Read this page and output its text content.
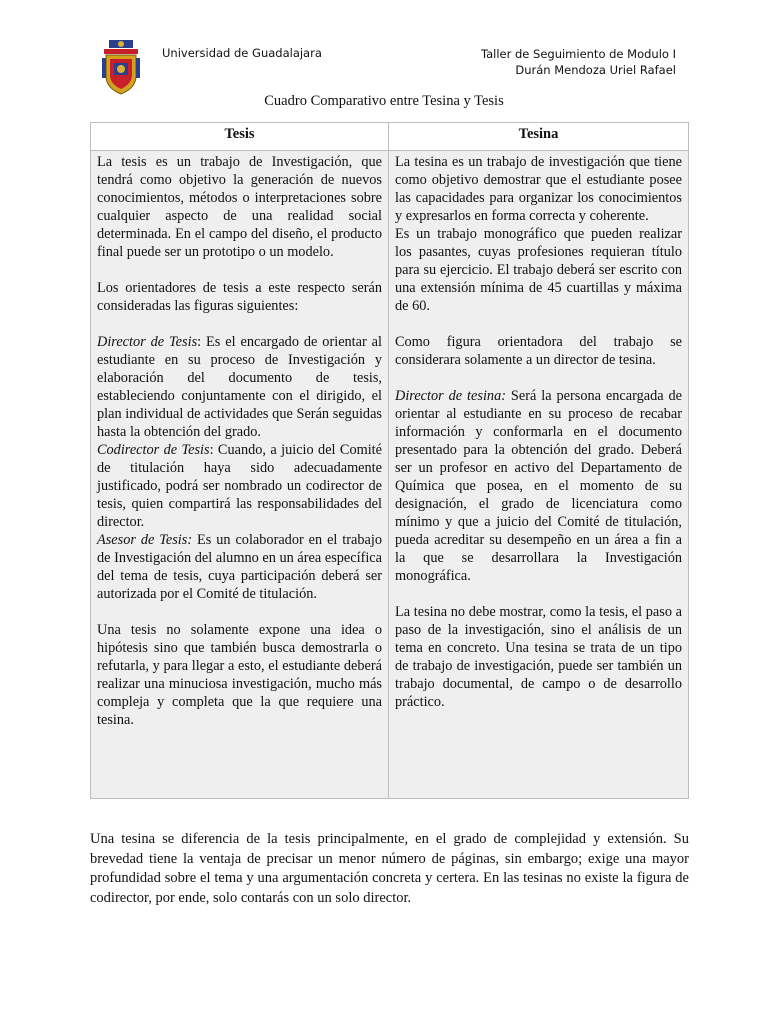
Universidad de Guadalajara	Taller de Seguimiento de Modulo I
Durán Mendoza Uriel Rafael
Cuadro Comparativo entre Tesina y Tesis
Tesis	Tesina

La tesis es un trabajo de Investigación, que tendrá como objetivo la generación de nuevos conocimientos, métodos o interpretaciones sobre cualquier aspecto de una realidad social determinada. En el campo del diseño, el producto final puede ser un prototipo o un modelo.

Los orientadores de tesis a este respecto serán consideradas las figuras siguientes:

Director de Tesis: Es el encargado de orientar al estudiante en su proceso de Investigación y elaboración del documento de tesis, estableciendo conjuntamente con el dirigido, el plan individual de actividades que Serán seguidas hasta la obtención del grado.

Codirector de Tesis: Cuando, a juicio del Comité de titulación haya sido adecuadamente justificado, podrá ser nombrado un codirector de tesis, quien compartirá las responsabilidades del director.

Asesor de Tesis: Es un colaborador en el trabajo de Investigación del alumno en un área específica del tema de tesis, cuya participación deberá ser autorizada por el Comité de titulación.

Una tesis no solamente expone una idea o hipótesis sino que también busca demostrarla o refutarla, y para llegar a esto, el estudiante deberá realizar una minuciosa investigación, mucho más compleja y completa que la que requiere una tesina.

La tesina es un trabajo de investigación que tiene como objetivo demostrar que el estudiante posee las capacidades para organizar los conocimientos y expresarlos en forma correcta y coherente.

Es un trabajo monográfico que pueden realizar los pasantes, cuyas profesiones requieran título para su ejercicio. El trabajo deberá ser escrito con una extensión mínima de 45 cuartillas y máxima de 60.

Como figura orientadora del trabajo se considerara solamente a un director de tesina.

Director de tesina: Será la persona encargada de orientar al estudiante en su proceso de recabar información y conformarla en el documento presentado para la obtención del grado. Deberá ser un profesor en activo del Departamento de Química que posea, en el momento de su designación, el grado de licenciatura como mínimo y que a juicio del Comité de titulación, pueda acreditar su desempeño en un área a fin a la que se desarrollara la Investigación monográfica.

La tesina no debe mostrar, como la tesis, el paso a paso de la investigación, sino el análisis de un tema en concreto. Una tesina se trata de un tipo de trabajo de investigación, puede ser también un trabajo documental, de campo o de desarrollo práctico.

Una tesina se diferencia de la tesis principalmente, en el grado de complejidad y extensión. Su brevedad tiene la ventaja de precisar un menor número de páginas, sin embargo; exige una mayor profundidad sobre el tema y una argumentación concreta y certera. En las tesinas no existe la figura de codirector, por ende, solo contarás con un solo director.
